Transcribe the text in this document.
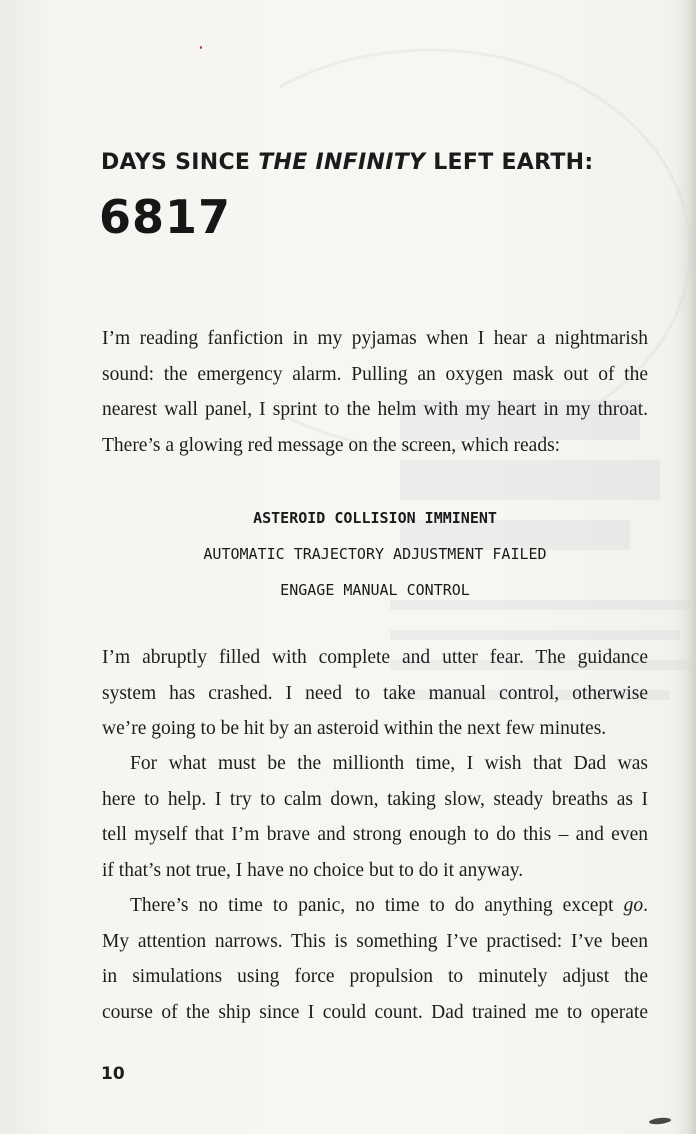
DAYS SINCE THE INFINITY LEFT EARTH:
6817
I’m reading fanfiction in my pyjamas when I hear a nightmarish
sound: the emergency alarm. Pulling an oxygen mask out of the
nearest wall panel, I sprint to the helm with my heart in my throat.
There’s a glowing red message on the screen, which reads:
ASTEROID COLLISION IMMINENT
AUTOMATIC TRAJECTORY ADJUSTMENT FAILED
ENGAGE MANUAL CONTROL
I’m abruptly filled with complete and utter fear. The guidance
system has crashed. I need to take manual control, otherwise
we’re going to be hit by an asteroid within the next few minutes.
For what must be the millionth time, I wish that Dad was
here to help. I try to calm down, taking slow, steady breaths as I
tell myself that I’m brave and strong enough to do this – and even
if that’s not true, I have no choice but to do it anyway.
There’s no time to panic, no time to do anything except go.
My attention narrows. This is something I’ve practised: I’ve been
in simulations using force propulsion to minutely adjust the
course of the ship since I could count. Dad trained me to operate
10
